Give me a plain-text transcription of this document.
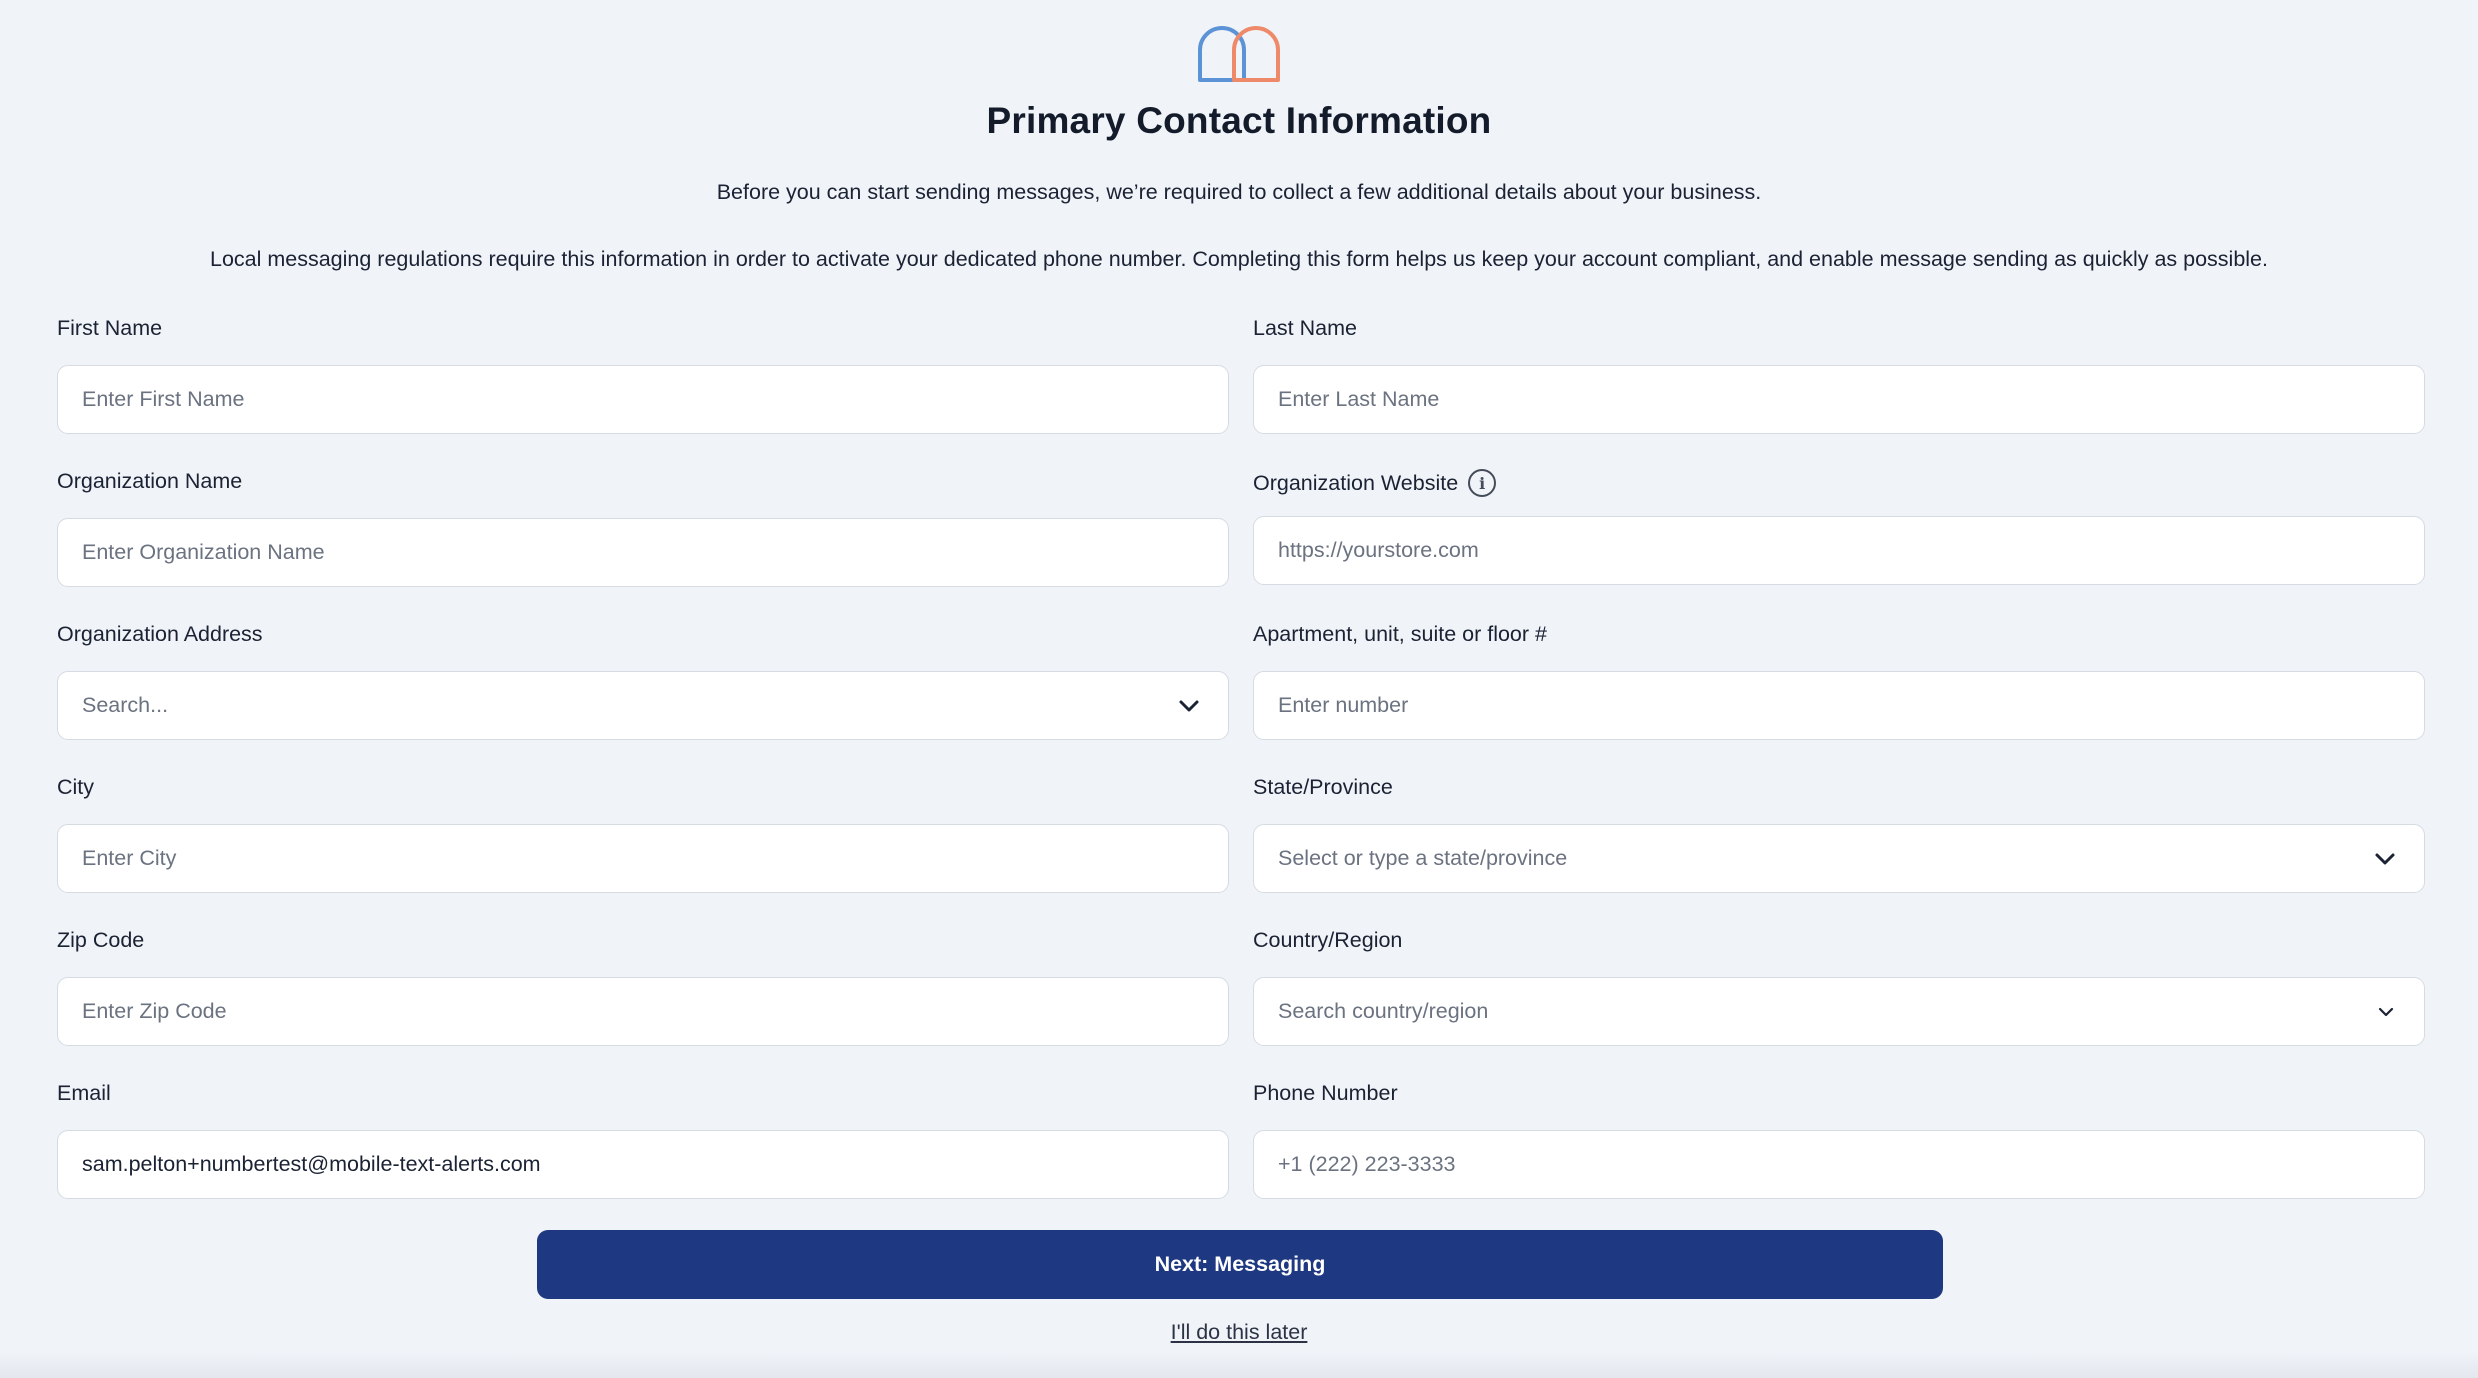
Primary Contact Information

Before you can start sending messages, we’re required to collect a few additional details about your business.

Local messaging regulations require this information in order to activate your dedicated phone number. Completing this form helps us keep your account compliant, and enable message sending as quickly as possible.

First Name
Enter First Name
Last Name
Enter Last Name
Organization Name
Enter Organization Name
Organization Website	i
https://yourstore.com
Organization Address
Search...
Apartment, unit, suite or floor #
Enter number
City
Enter City
State/Province
Select or type a state/province
Zip Code
Enter Zip Code
Country/Region
Search country/region
Email
sam.pelton+numbertest@mobile-text-alerts.com
Phone Number
+1 (222) 223-3333
Next: Messaging
I'll do this later
